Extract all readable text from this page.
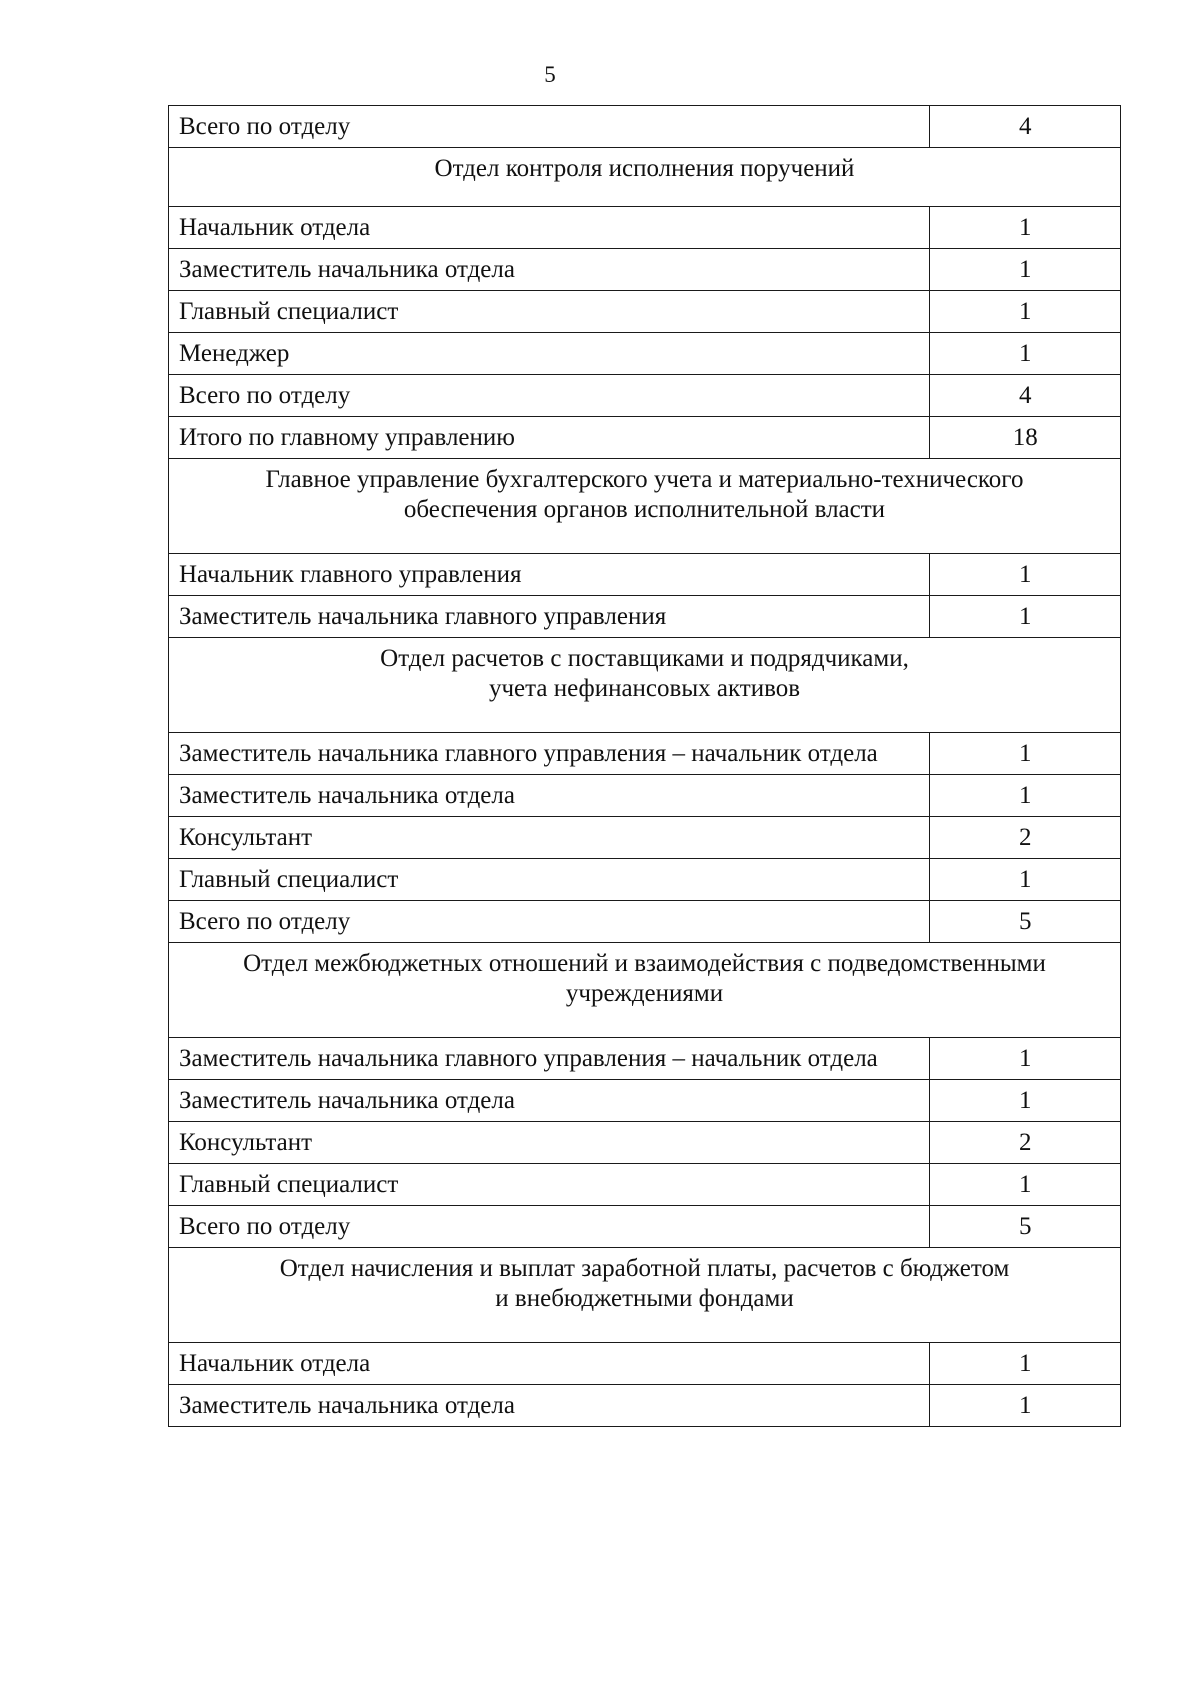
5
Всего по отделу	4
Отдел контроля исполнения поручений	
Начальник отдела	1
Заместитель начальника отдела	1
Главный специалист	1
Менеджер	1
Всего по отделу	4
Итого по главному управлению	18
Главное управление бухгалтерского учета и материально-технического
обеспечения органов исполнительной власти	
Начальник главного управления	1
Заместитель начальника главного управления	1
Отдел расчетов с поставщиками и подрядчиками,
учета нефинансовых активов	
Заместитель начальника главного управления – начальник отдела	1
Заместитель начальника отдела	1
Консультант	2
Главный специалист	1
Всего по отделу	5
Отдел межбюджетных отношений и взаимодействия с подведомственными
учреждениями	
Заместитель начальника главного управления – начальник отдела	1
Заместитель начальника отдела	1
Консультант	2
Главный специалист	1
Всего по отделу	5
Отдел начисления и выплат заработной платы, расчетов с бюджетом
и внебюджетными фондами	
Начальник отдела	1
Заместитель начальника отдела	1
